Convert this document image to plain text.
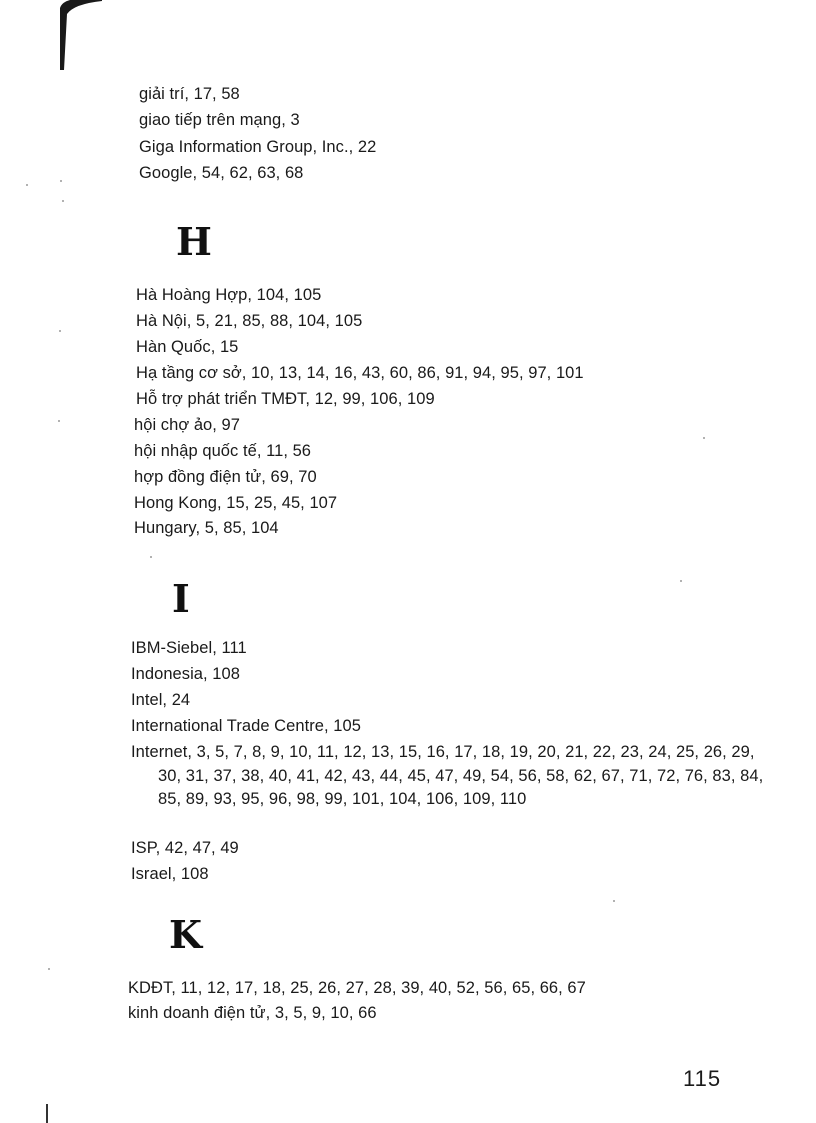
giải trí, 17, 58
giao tiếp trên mạng, 3
Giga Information Group, Inc., 22
Google, 54, 62, 63, 68
H
Hà Hoàng Hợp, 104, 105
Hà Nội, 5, 21, 85, 88, 104, 105
Hàn Quốc, 15
Hạ tầng cơ sở, 10, 13, 14, 16, 43, 60, 86, 91, 94, 95, 97, 101
Hỗ trợ phát triển TMĐT, 12, 99, 106, 109
hội chợ ảo, 97
hội nhập quốc tế, 11, 56
hợp đồng điện tử, 69, 70
Hong Kong, 15, 25, 45, 107
Hungary, 5, 85, 104
I
IBM-Siebel, 111
Indonesia, 108
Intel, 24
International Trade Centre, 105
Internet, 3, 5, 7, 8, 9, 10, 11, 12, 13, 15, 16, 17, 18, 19, 20, 21, 22, 23, 24, 25, 26, 29, 30, 31, 37, 38, 40, 41, 42, 43, 44, 45, 47, 49, 54, 56, 58, 62, 67, 71, 72, 76, 83, 84, 85, 89, 93, 95, 96, 98, 99, 101, 104, 106, 109, 110
ISP, 42, 47, 49
Israel, 108
K
KDĐT, 11, 12, 17, 18, 25, 26, 27, 28, 39, 40, 52, 56, 65, 66, 67
kinh doanh điện tử, 3, 5, 9, 10, 66
115
